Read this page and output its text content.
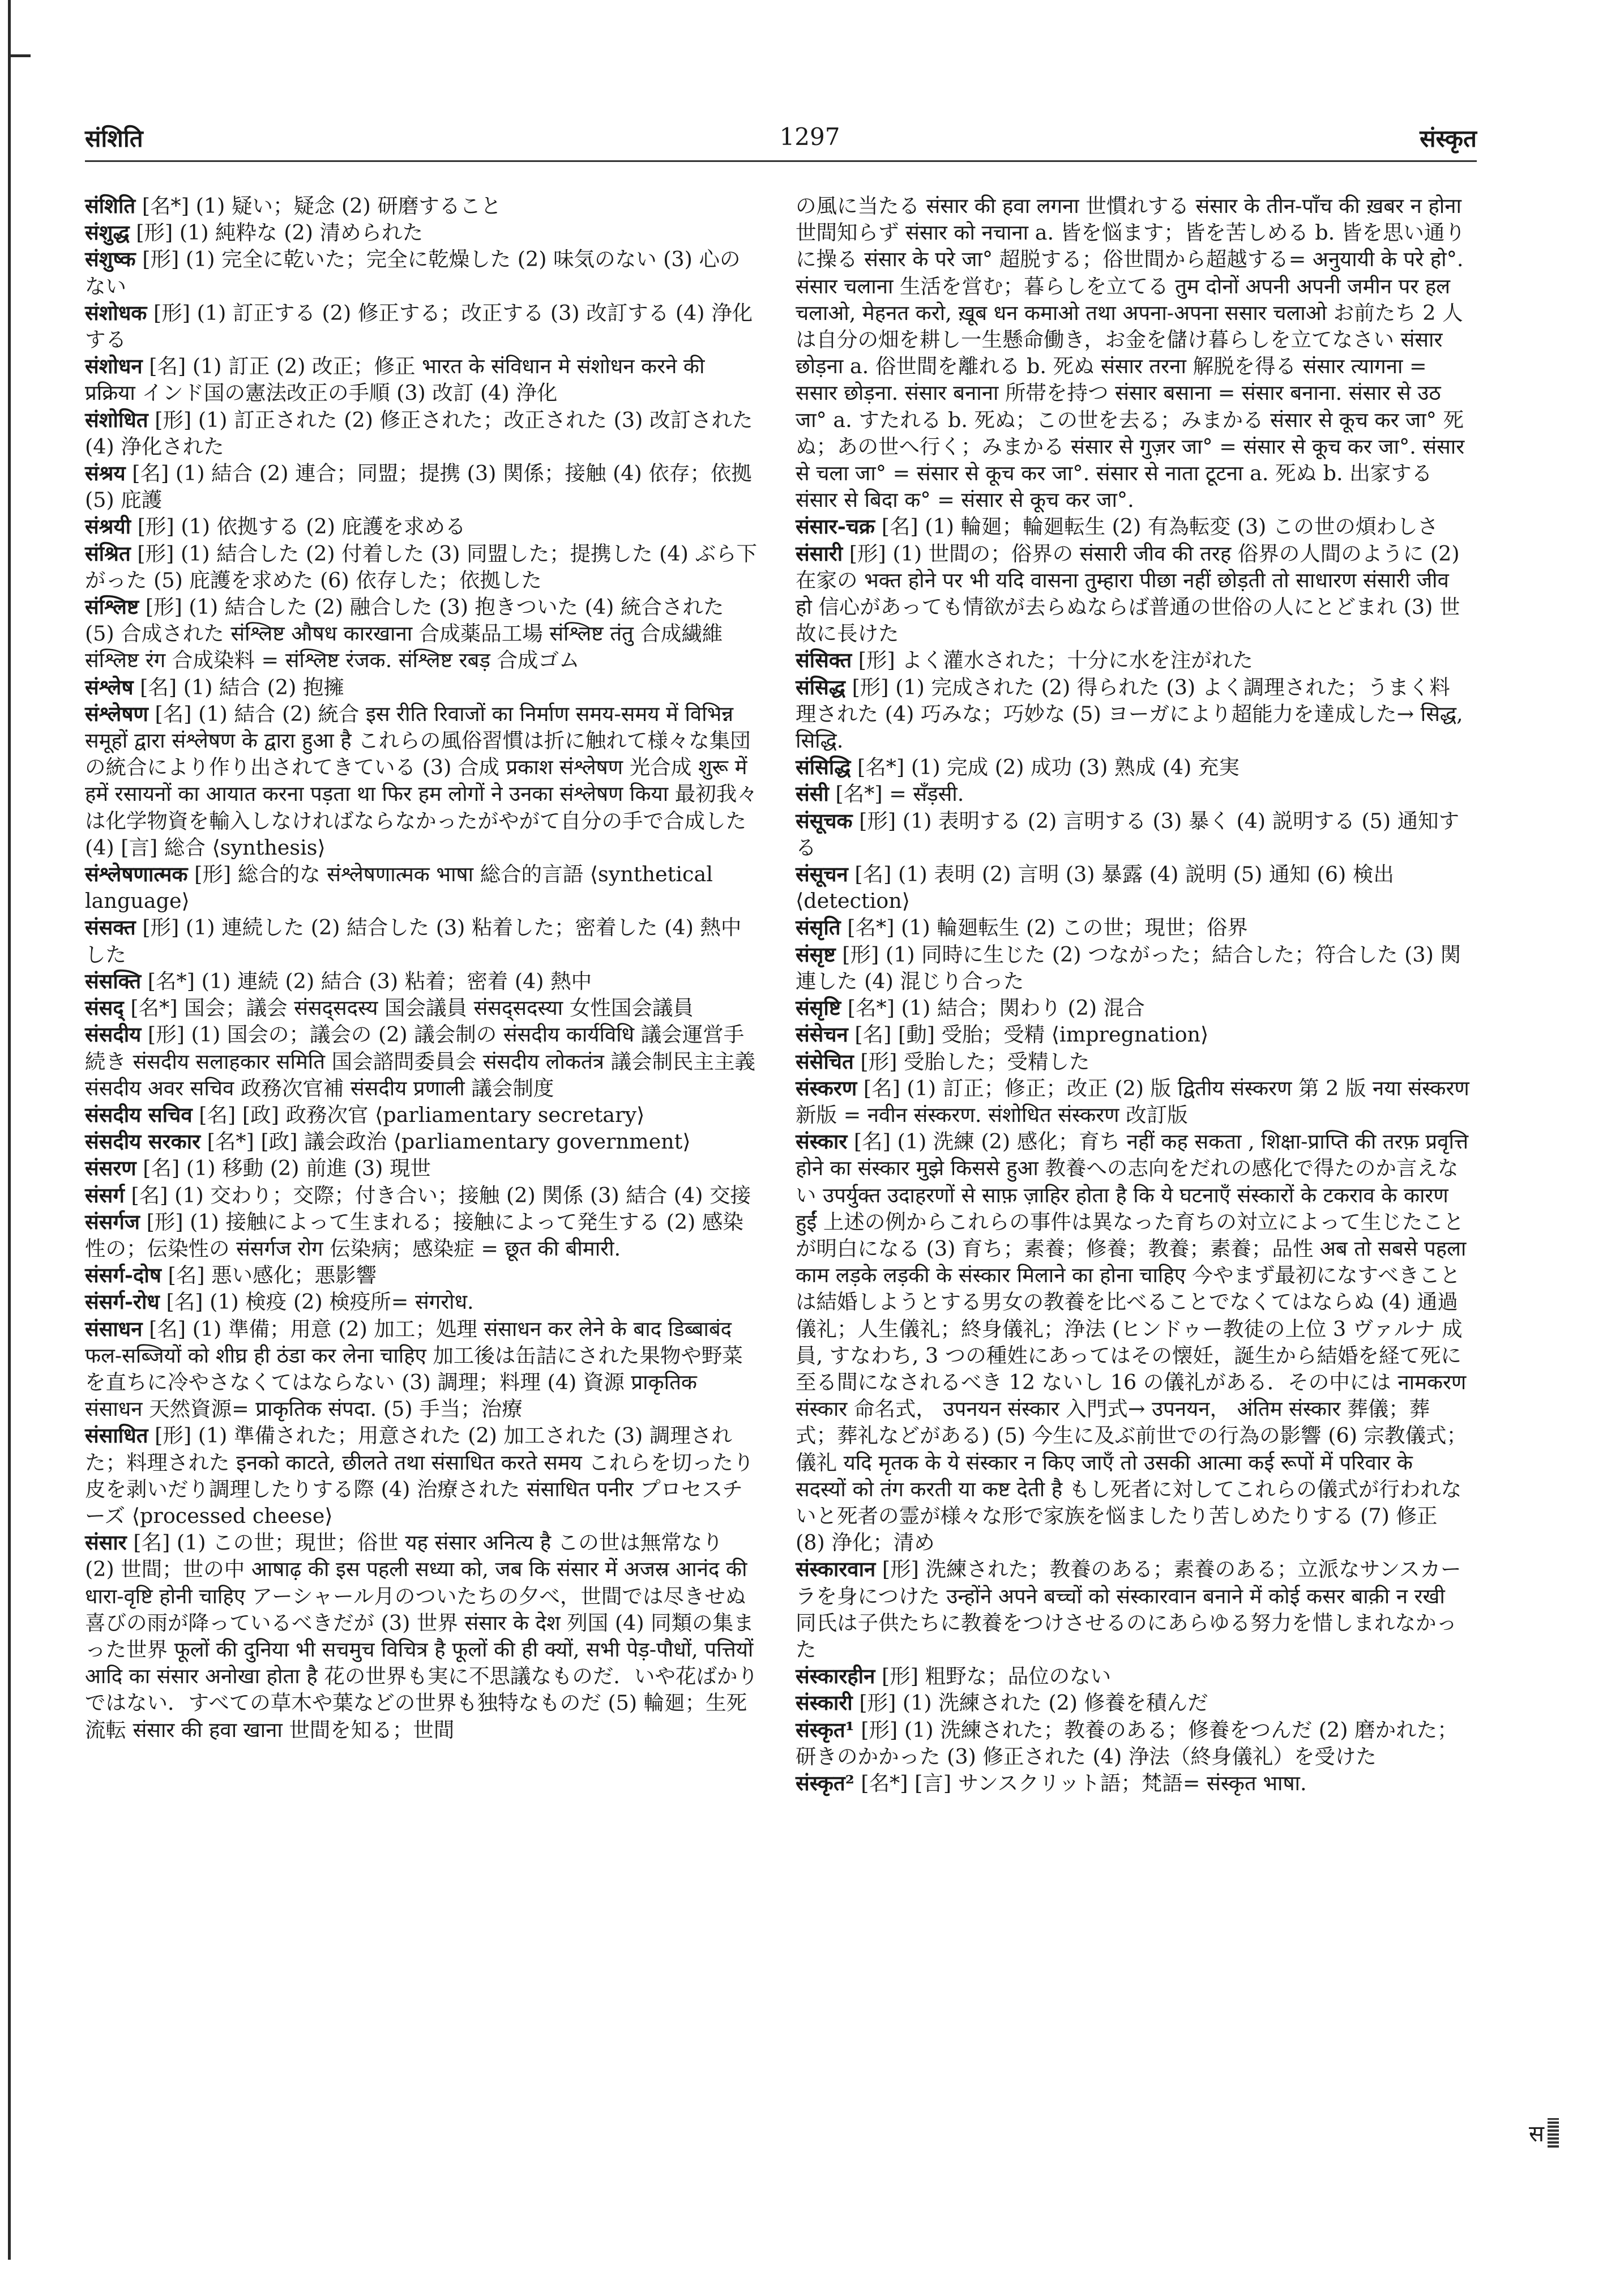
संशिति	1297	संस्कृत

संशिति [名*] (1) 疑い；疑念 (2) 研磨すること

संशुद्ध [形] (1) 純粋な (2) 清められた

संशुष्क [形] (1) 完全に乾いた；完全に乾燥した (2) 味気のない (3) 心のない

संशोधक [形] (1) 訂正する (2) 修正する；改正する (3) 改訂する (4) 浄化する

संशोधन [名] (1) 訂正 (2) 改正；修正 भारत के संविधान मे संशोधन करने की प्रक्रिया インド国の憲法改正の手順 (3) 改訂 (4) 浄化

संशोधित [形] (1) 訂正された (2) 修正された；改正された (3) 改訂された (4) 浄化された

संश्रय [名] (1) 結合 (2) 連合；同盟；提携 (3) 関係；接触 (4) 依存；依拠 (5) 庇護

संश्रयी [形] (1) 依拠する (2) 庇護を求める

संश्रित [形] (1) 結合した (2) 付着した (3) 同盟した；提携した (4) ぶら下がった (5) 庇護を求めた (6) 依存した；依拠した

संश्लिष्ट [形] (1) 結合した (2) 融合した (3) 抱きついた (4) 統合された (5) 合成された संश्लिष्ट औषध कारखाना 合成薬品工場 संश्लिष्ट तंतु 合成繊維 संश्लिष्ट रंग 合成染料 = संश्लिष्ट रंजक. संश्लिष्ट रबड़ 合成ゴム

संश्लेष [名] (1) 結合 (2) 抱擁

संश्लेषण [名] (1) 結合 (2) 統合 इस रीति रिवाजों का निर्माण समय-समय में विभिन्न समूहों द्वारा संश्लेषण के द्वारा हुआ है これらの風俗習慣は折に触れて様々な集団の統合により作り出されてきている (3) 合成 प्रकाश संश्लेषण 光合成 शुरू में हमें रसायनों का आयात करना पड़ता था फिर हम लोगों ने उनका संश्लेषण किया 最初我々は化学物資を輸入しなければならなかったがやがて自分の手で合成した (4) [言] 総合 ⟨synthesis⟩

संश्लेषणात्मक [形] 総合的な संश्लेषणात्मक भाषा 総合的言語 ⟨synthetical language⟩

संसक्त [形] (1) 連続した (2) 結合した (3) 粘着した；密着した (4) 熱中した

संसक्ति [名*] (1) 連続 (2) 結合 (3) 粘着；密着 (4) 熱中

संसद् [名*] 国会；議会 संसद्सदस्य 国会議員 संसद्सदस्या 女性国会議員

संसदीय [形] (1) 国会の；議会の (2) 議会制の संसदीय कार्यविधि 議会運営手続き संसदीय सलाहकार समिति 国会諮問委員会 संसदीय लोकतंत्र 議会制民主主義 संसदीय अवर सचिव 政務次官補 संसदीय प्रणाली 議会制度

संसदीय सचिव [名] [政] 政務次官 ⟨parliamentary secretary⟩

संसदीय सरकार [名*] [政] 議会政治 ⟨parliamentary government⟩

संसरण [名] (1) 移動 (2) 前進 (3) 現世

संसर्ग [名] (1) 交わり；交際；付き合い；接触 (2) 関係 (3) 結合 (4) 交接

संसर्गज [形] (1) 接触によって生まれる；接触によって発生する (2) 感染性の；伝染性の संसर्गज रोग 伝染病；感染症 = छूत की बीमारी.

संसर्ग-दोष [名] 悪い感化；悪影響

संसर्ग-रोध [名] (1) 検疫 (2) 検疫所= संगरोध.

संसाधन [名] (1) 準備；用意 (2) 加工；処理 संसाधन कर लेने के बाद डिब्बाबंद फल-सब्जियों को शीघ्र ही ठंडा कर लेना चाहिए 加工後は缶詰にされた果物や野菜を直ちに冷やさなくてはならない (3) 調理；料理 (4) 資源 प्राकृतिक संसाधन 天然資源= प्राकृतिक संपदा. (5) 手当；治療

संसाधित [形] (1) 準備された；用意された (2) 加工された (3) 調理された；料理された इनको काटते, छीलते तथा संसाधित करते समय これらを切ったり皮を剥いだり調理したりする際 (4) 治療された संसाधित पनीर プロセスチーズ ⟨processed cheese⟩

संसार [名] (1) この世；現世；俗世 यह संसार अनित्य है この世は無常なり (2) 世間；世の中 आषाढ़ की इस पहली सध्या को, जब कि संसार में अजस्र आनंद की धारा-वृष्टि होनी चाहिए アーシャール月のついたちの夕べ，世間では尽きせぬ喜びの雨が降っているべきだが (3) 世界 संसार के देश 列国 (4) 同類の集まった世界 फूलों की दुनिया भी सचमुच विचित्र है फूलों की ही क्यों, सभी पेड़-पौधों, पत्तियों आदि का संसार अनोखा होता है 花の世界も実に不思議なものだ．いや花ばかりではない．すべての草木や葉などの世界も独特なものだ (5) 輪廻；生死流転 संसार की हवा खाना 世間を知る；世間

の風に当たる संसार की हवा लगना 世慣れする संसार के तीन-पाँच की ख़बर न होना 世間知らず संसार को नचाना a. 皆を悩ます；皆を苦しめる b. 皆を思い通りに操る संसार के परे जा° 超脱する；俗世間から超越する= अनुयायी के परे हो°. संसार चलाना 生活を営む；暮らしを立てる तुम दोनों अपनी अपनी जमीन पर हल चलाओ, मेहनत करो, ख़ूब धन कमाओ तथा अपना-अपना ससार चलाओ お前たち 2 人は自分の畑を耕し一生懸命働き，お金を儲け暮らしを立てなさい संसार छोड़ना a. 俗世間を離れる b. 死ぬ संसार तरना 解脱を得る संसार त्यागना = ससार छोड़ना. संसार बनाना 所帯を持つ संसार बसाना = संसार बनाना. संसार से उठ जा° a. すたれる b. 死ぬ；この世を去る；みまかる संसार से कूच कर जा° 死ぬ；あの世へ行く；みまかる संसार से गुज़र जा° = संसार से कूच कर जा°. संसार से चला जा° = संसार से कूच कर जा°. संसार से नाता टूटना a. 死ぬ b. 出家する संसार से बिदा क° = संसार से कूच कर जा°.

संसार-चक्र [名] (1) 輪廻；輪廻転生 (2) 有為転変 (3) この世の煩わしさ

संसारी [形] (1) 世間の；俗界の संसारी जीव की तरह 俗界の人間のように (2) 在家の भक्त होने पर भी यदि वासना तुम्हारा पीछा नहीं छोड़ती तो साधारण संसारी जीव हो 信心があっても情欲が去らぬならば普通の世俗の人にとどまれ (3) 世故に長けた

संसिक्त [形] よく灌水された；十分に水を注がれた

संसिद्ध [形] (1) 完成された (2) 得られた (3) よく調理された；うまく料理された (4) 巧みな；巧妙な (5) ヨーガにより超能力を達成した→ सिद्ध, सिद्धि.

संसिद्धि [名*] (1) 完成 (2) 成功 (3) 熟成 (4) 充実

संसी [名*] = सँड़सी.

संसूचक [形] (1) 表明する (2) 言明する (3) 暴く (4) 説明する (5) 通知する

संसूचन [名] (1) 表明 (2) 言明 (3) 暴露 (4) 説明 (5) 通知 (6) 検出 ⟨detection⟩

संसृति [名*] (1) 輪廻転生 (2) この世；現世；俗界

संसृष्ट [形] (1) 同時に生じた (2) つながった；結合した；符合した (3) 関連した (4) 混じり合った

संसृष्टि [名*] (1) 結合；関わり (2) 混合

संसेचन [名] [動] 受胎；受精 ⟨impregnation⟩

संसेचित [形] 受胎した；受精した

संस्करण [名] (1) 訂正；修正；改正 (2) 版 द्वितीय संस्करण 第 2 版 नया संस्करण 新版 = नवीन संस्करण. संशोधित संस्करण 改訂版

संस्कार [名] (1) 洗練 (2) 感化；育ち नहीं कह सकता , शिक्षा-प्राप्ति की तरफ़ प्रवृत्ति होने का संस्कार मुझे किससे हुआ 教養への志向をだれの感化で得たのか言えない उपर्युक्त उदाहरणों से साफ़ ज़ाहिर होता है कि ये घटनाएँ संस्कारों के टकराव के कारण हुईं 上述の例からこれらの事件は異なった育ちの対立によって生じたことが明白になる (3) 育ち；素養；修養；教養；素養；品性 अब तो सबसे पहला काम लड़के लड़की के संस्कार मिलाने का होना चाहिए 今やまず最初になすべきことは結婚しようとする男女の教養を比べることでなくてはならぬ (4) 通過儀礼；人生儀礼；終身儀礼；浄法 (ヒンドゥー教徒の上位 3 ヴァルナ 成員, すなわち, 3 つの種姓にあってはその懐妊，誕生から結婚を経て死に至る間になされるべき 12 ないし 16 の儀礼がある．その中には नामकरण संस्कार 命名式， उपनयन संस्कार 入門式→ उपनयन， अंतिम संस्कार 葬儀；葬式；葬礼などがある) (5) 今生に及ぶ前世での行為の影響 (6) 宗教儀式；儀礼 यदि मृतक के ये संस्कार न किए जाएँ तो उसकी आत्मा कई रूपों में परिवार के सदस्यों को तंग करती या कष्ट देती है もし死者に対してこれらの儀式が行われないと死者の霊が様々な形で家族を悩ましたり苦しめたりする (7) 修正 (8) 浄化；清め

संस्कारवान [形] 洗練された；教養のある；素養のある；立派なサンスカーラを身につけた उन्होंने अपने बच्चों को संस्कारवान बनाने में कोई कसर बाक़ी न रखी 同氏は子供たちに教養をつけさせるのにあらゆる努力を惜しまれなかった

संस्कारहीन [形] 粗野な；品位のない

संस्कारी [形] (1) 洗練された (2) 修養を積んだ

संस्कृत¹ [形] (1) 洗練された；教養のある；修養をつんだ (2) 磨かれた；研きのかかった (3) 修正された (4) 浄法（終身儀礼）を受けた

संस्कृत² [名*] [言] サンスクリット語；梵語= संस्कृत भाषा.

स
